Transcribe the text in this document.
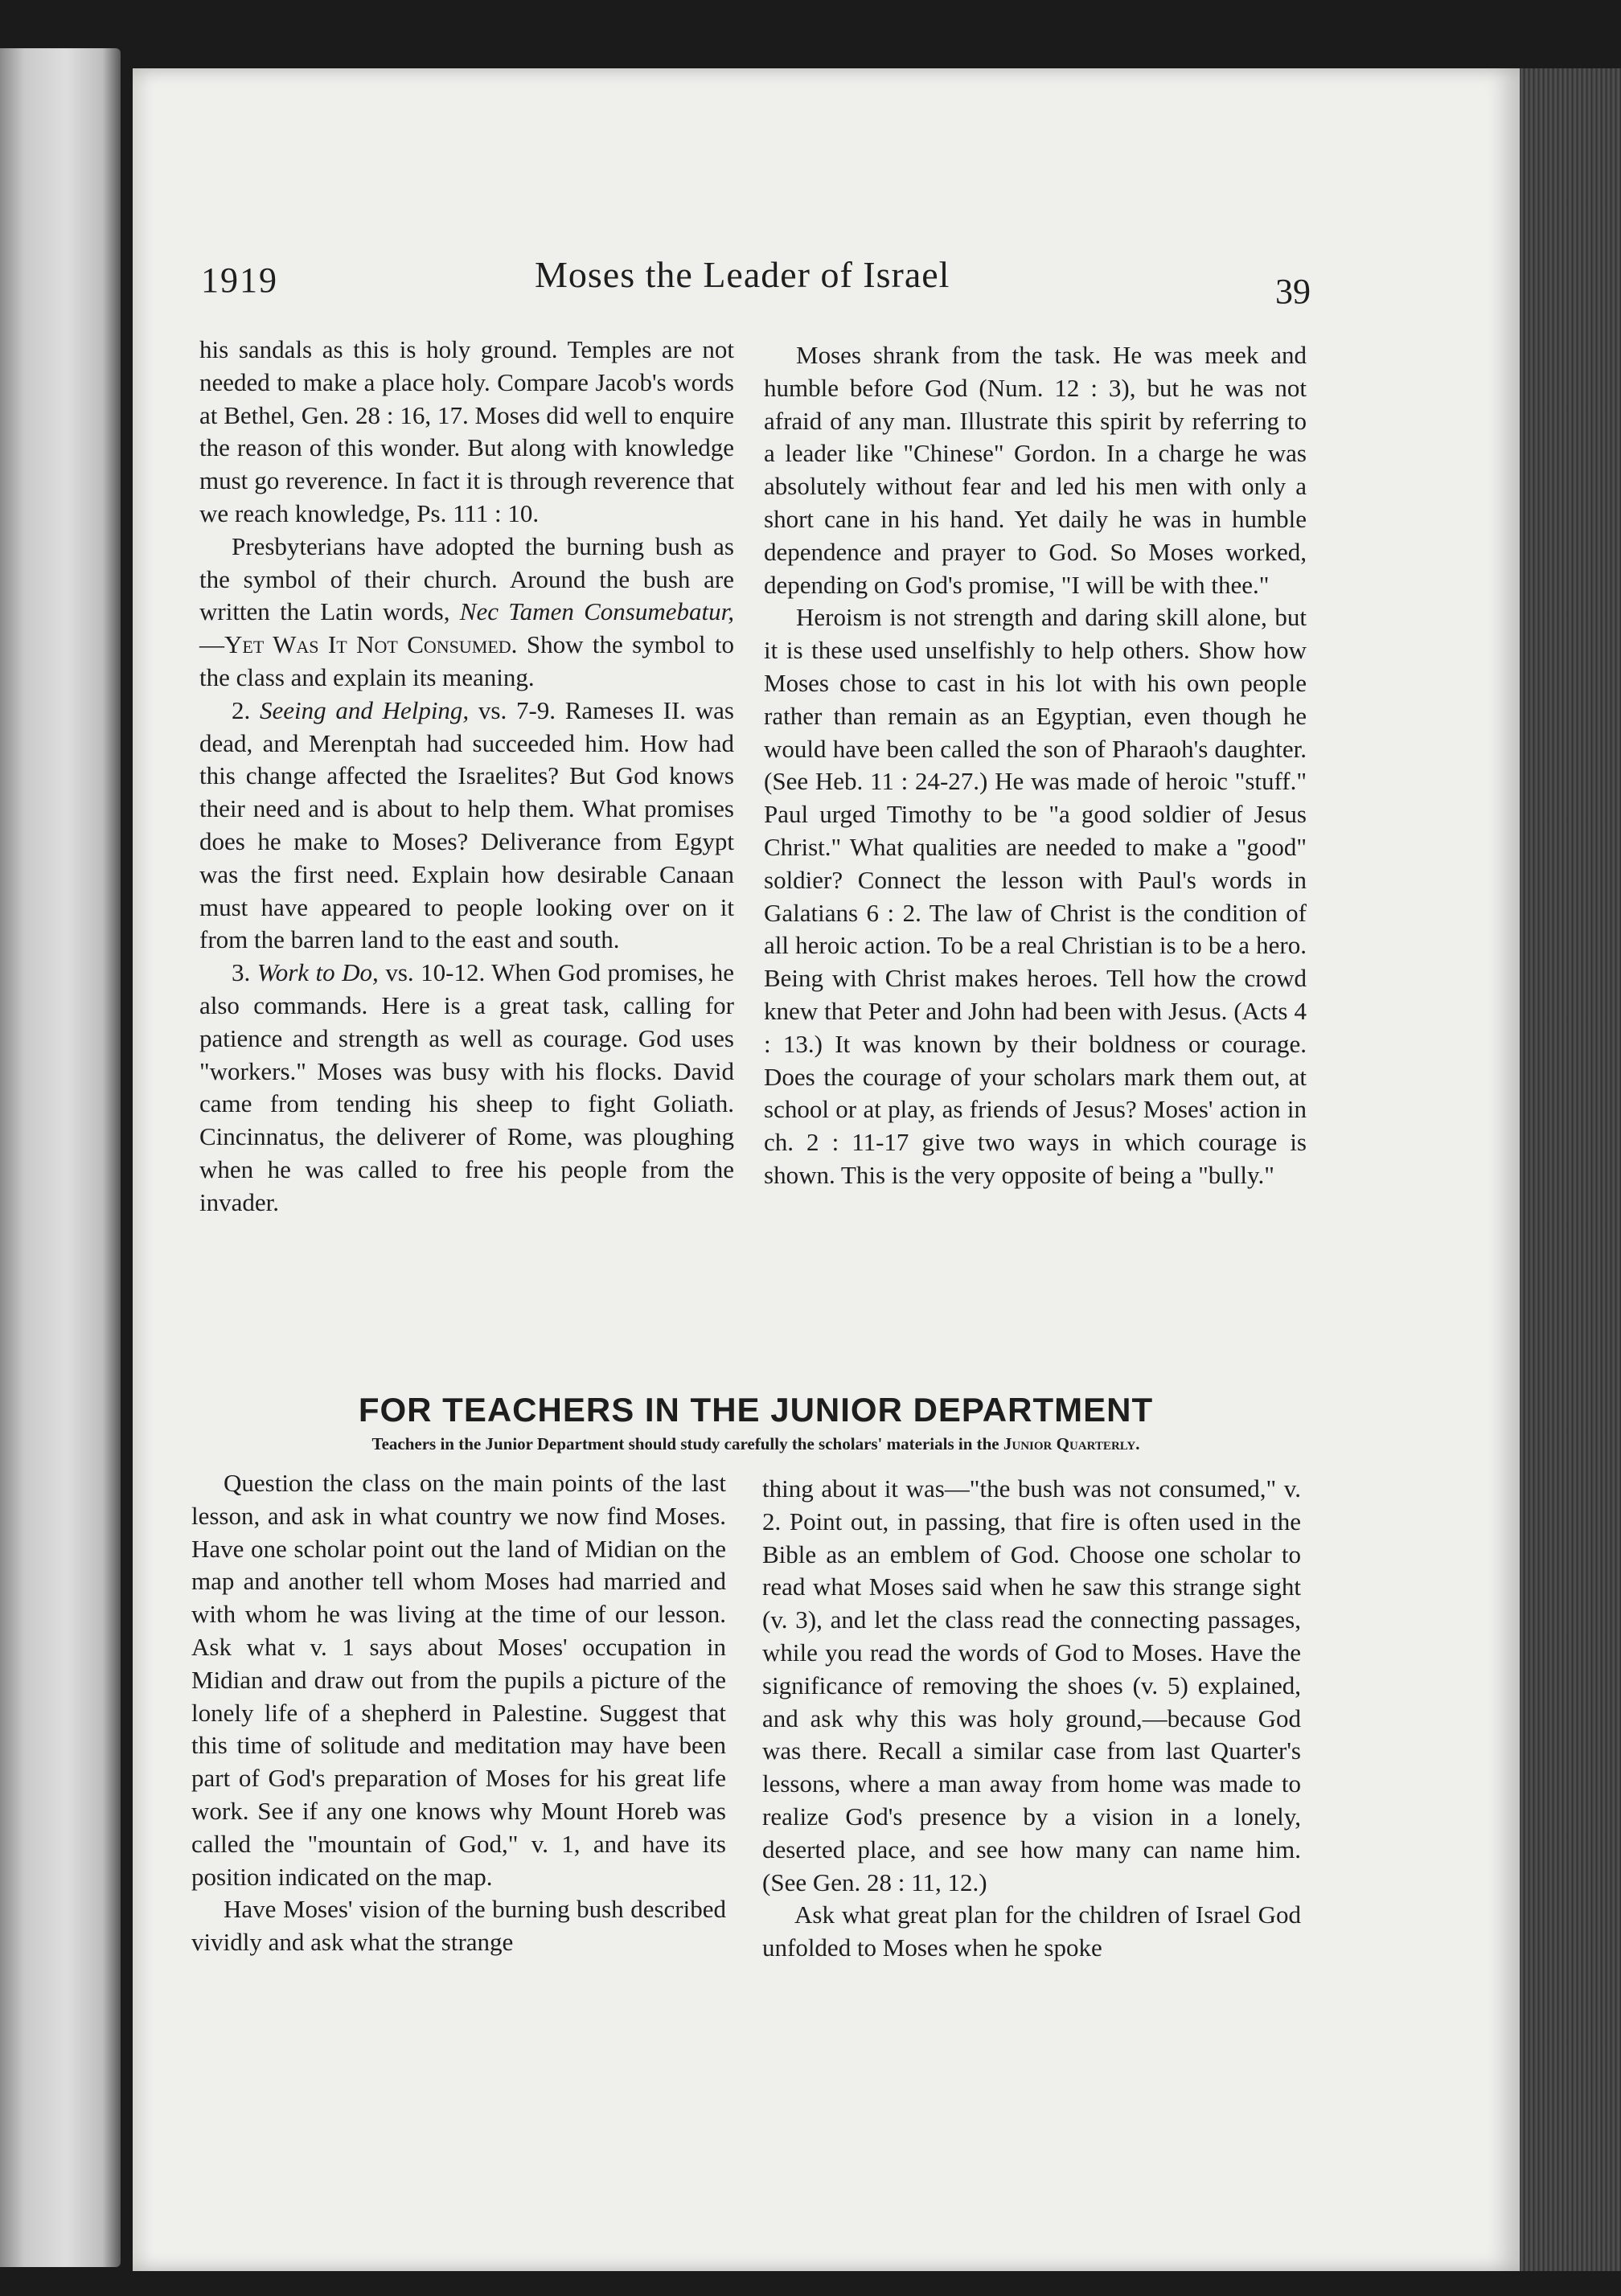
1919	Moses the Leader of Israel	39

his sandals as this is holy ground. Temples are not needed to make a place holy. Compare Jacob's words at Bethel, Gen. 28 : 16, 17. Moses did well to enquire the reason of this wonder. But along with knowledge must go reverence. In fact it is through reverence that we reach knowledge, Ps. 111 : 10.

Presbyterians have adopted the burning bush as the symbol of their church. Around the bush are written the Latin words, Nec Tamen Consumebatur,—Yet Was It Not Consumed. Show the symbol to the class and explain its meaning.

2. Seeing and Helping, vs. 7-9. Rameses II. was dead, and Merenptah had succeeded him. How had this change affected the Israelites? But God knows their need and is about to help them. What promises does he make to Moses? Deliverance from Egypt was the first need. Explain how desirable Canaan must have appeared to people looking over on it from the barren land to the east and south.

3. Work to Do, vs. 10-12. When God promises, he also commands. Here is a great task, calling for patience and strength as well as courage. God uses "workers." Moses was busy with his flocks. David came from tending his sheep to fight Goliath. Cincinnatus, the deliverer of Rome, was ploughing when he was called to free his people from the invader.

Moses shrank from the task. He was meek and humble before God (Num. 12 : 3), but he was not afraid of any man. Illustrate this spirit by referring to a leader like "Chinese" Gordon. In a charge he was absolutely without fear and led his men with only a short cane in his hand. Yet daily he was in humble dependence and prayer to God. So Moses worked, depending on God's promise, "I will be with thee."

Heroism is not strength and daring skill alone, but it is these used unselfishly to help others. Show how Moses chose to cast in his lot with his own people rather than remain as an Egyptian, even though he would have been called the son of Pharaoh's daughter. (See Heb. 11 : 24-27.) He was made of heroic "stuff." Paul urged Timothy to be "a good soldier of Jesus Christ." What qualities are needed to make a "good" soldier? Connect the lesson with Paul's words in Galatians 6 : 2. The law of Christ is the condition of all heroic action. To be a real Christian is to be a hero. Being with Christ makes heroes. Tell how the crowd knew that Peter and John had been with Jesus. (Acts 4 : 13.) It was known by their boldness or courage. Does the courage of your scholars mark them out, at school or at play, as friends of Jesus? Moses' action in ch. 2 : 11-17 give two ways in which courage is shown. This is the very opposite of being a "bully."

FOR TEACHERS IN THE JUNIOR DEPARTMENT
Teachers in the Junior Department should study carefully the scholars' materials in the Junior Quarterly.

Question the class on the main points of the last lesson, and ask in what country we now find Moses. Have one scholar point out the land of Midian on the map and another tell whom Moses had married and with whom he was living at the time of our lesson. Ask what v. 1 says about Moses' occupation in Midian and draw out from the pupils a picture of the lonely life of a shepherd in Palestine. Suggest that this time of solitude and meditation may have been part of God's preparation of Moses for his great life work. See if any one knows why Mount Horeb was called the "mountain of God," v. 1, and have its position indicated on the map.

Have Moses' vision of the burning bush described vividly and ask what the strange

thing about it was—"the bush was not consumed," v. 2. Point out, in passing, that fire is often used in the Bible as an emblem of God. Choose one scholar to read what Moses said when he saw this strange sight (v. 3), and let the class read the connecting passages, while you read the words of God to Moses. Have the significance of removing the shoes (v. 5) explained, and ask why this was holy ground,—because God was there. Recall a similar case from last Quarter's lessons, where a man away from home was made to realize God's presence by a vision in a lonely, deserted place, and see how many can name him. (See Gen. 28 : 11, 12.)

Ask what great plan for the children of Israel God unfolded to Moses when he spoke
